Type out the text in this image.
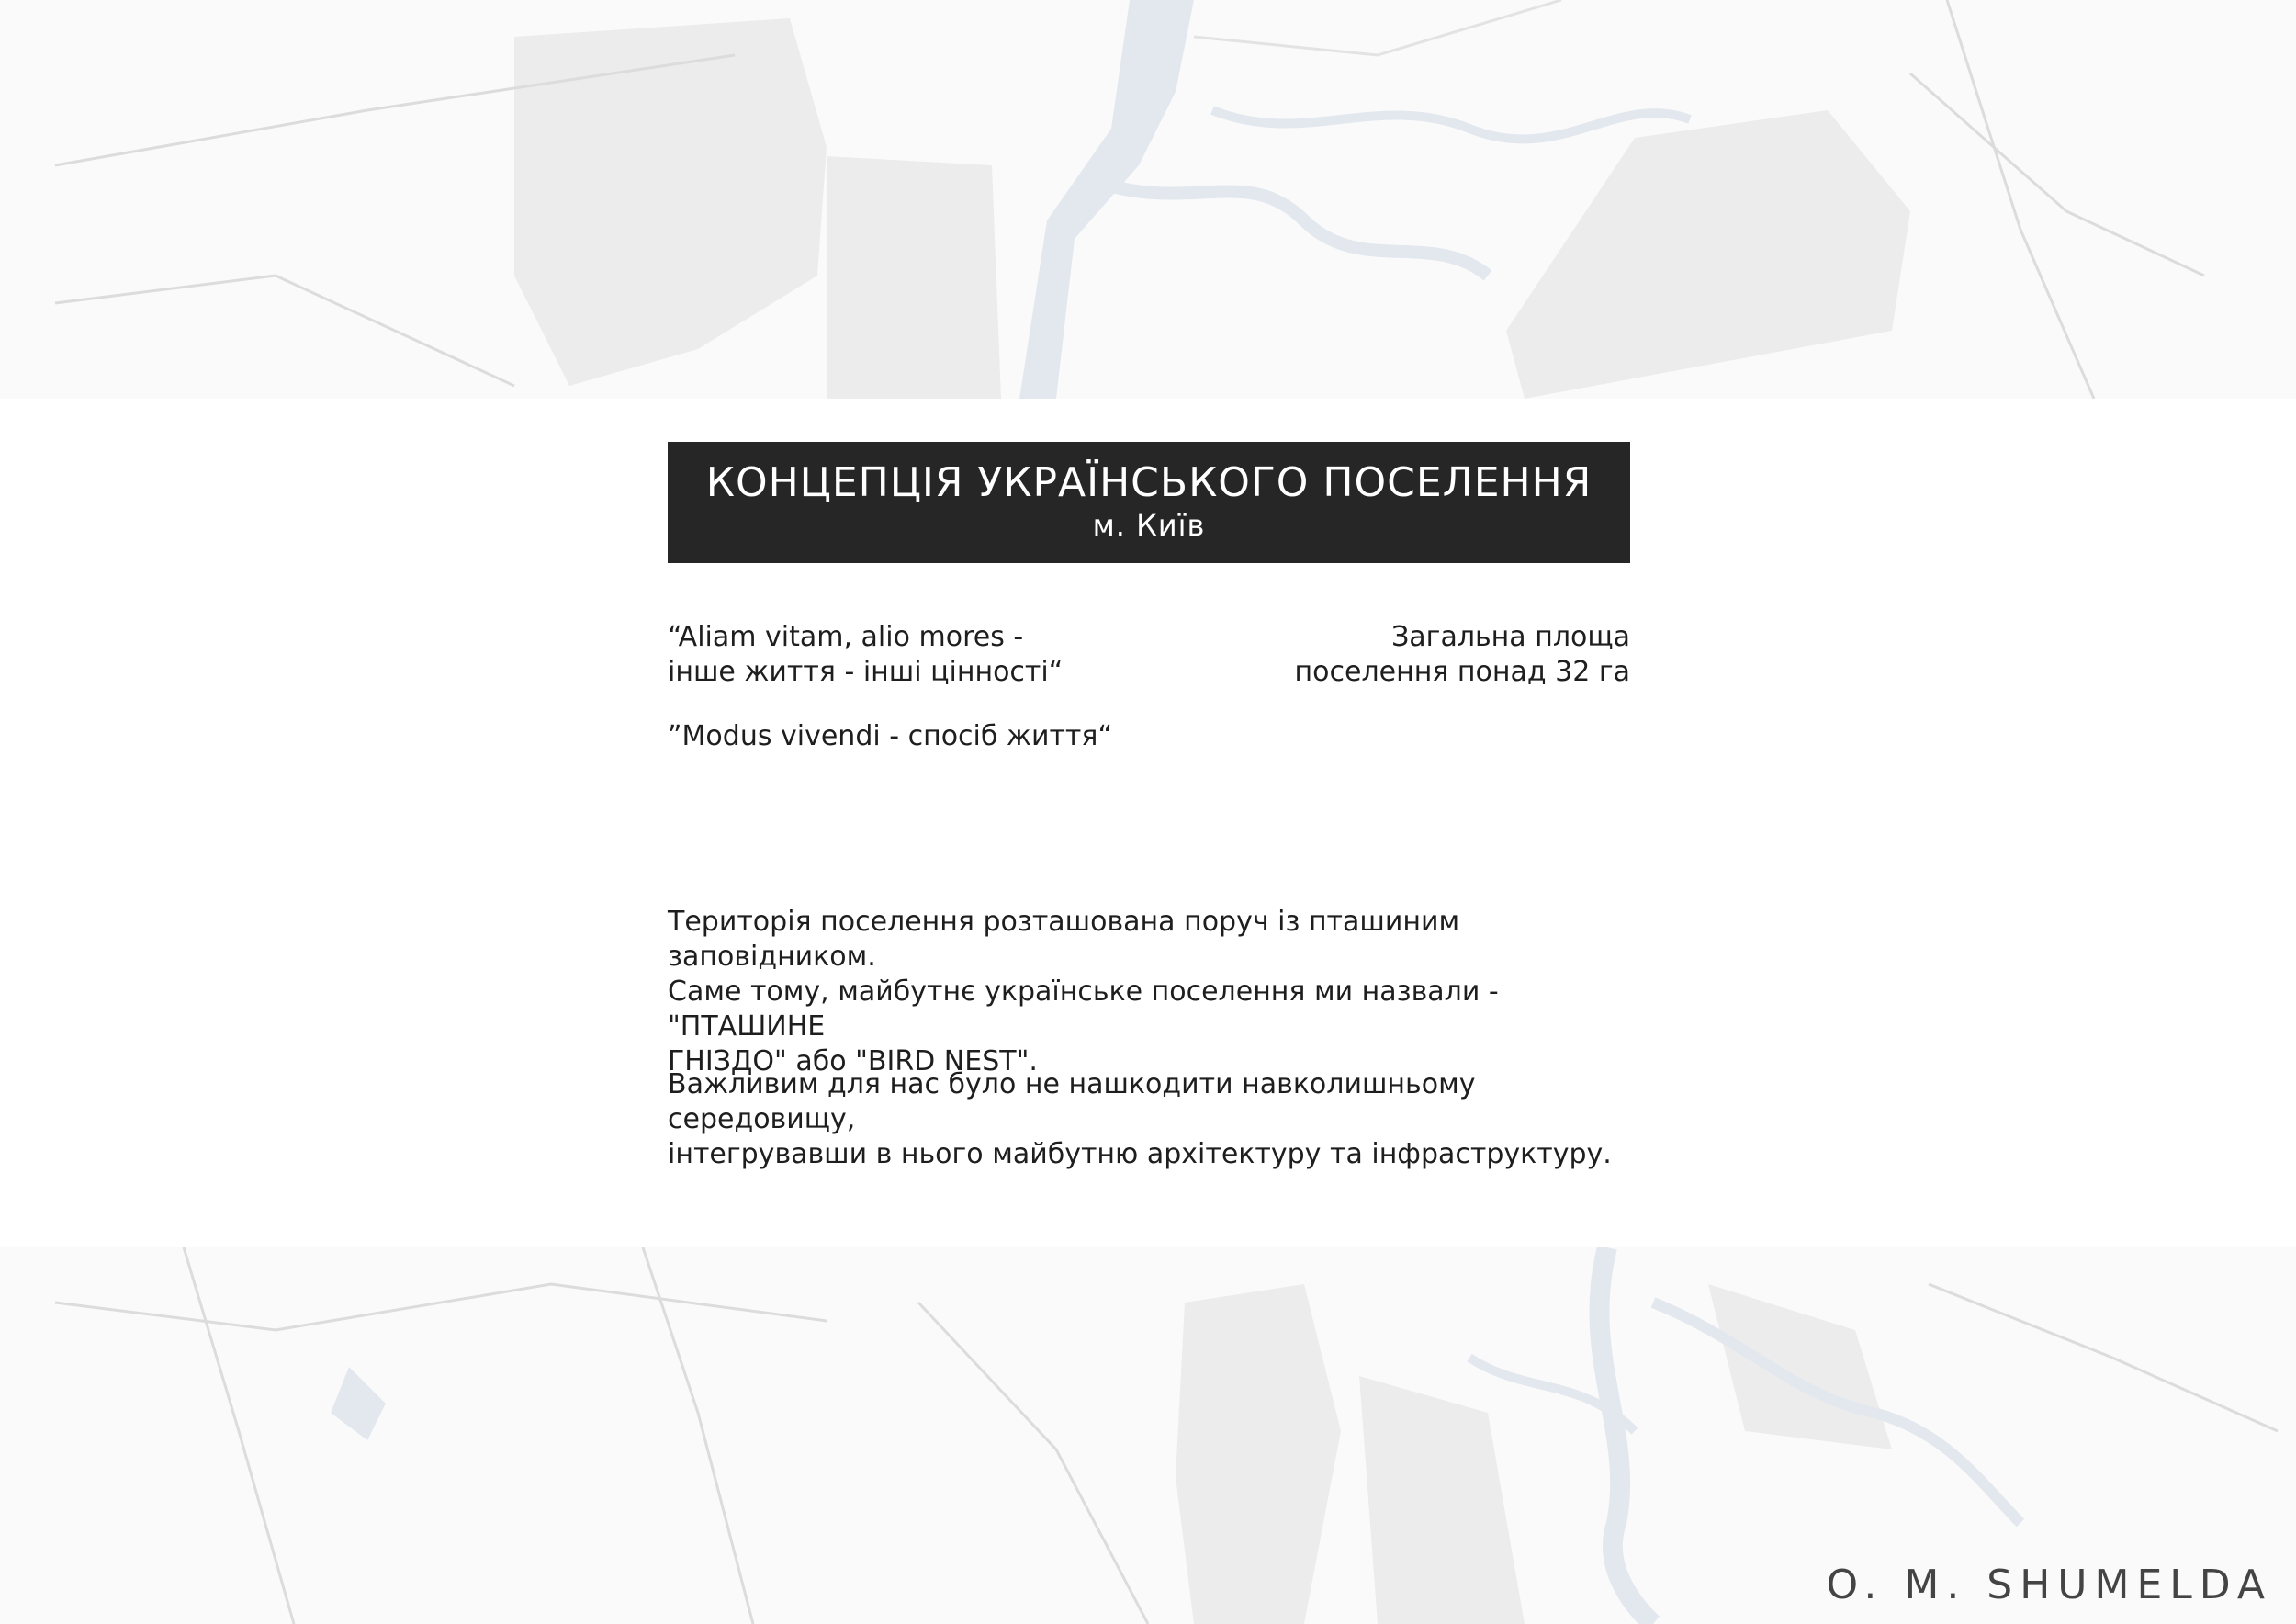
КОНЦЕПЦІЯ УКРАЇНСЬКОГО ПОСЕЛЕННЯ
м. Київ
“Aliam vitam, alio mores -
інше життя - інші цінності“
”Modus vivendi - спосіб життя“
Загальна площа
поселення понад 32 га
Територія поселення розташована поруч із пташиним заповідником.
Саме тому, майбутнє українське поселення ми назвали - "ПТАШИНЕ
ГНІЗДО" або "BIRD NEST".
Важливим для нас було не нашкодити навколишньому середовищу,
інтегрувавши в нього майбутню архітектуру та інфраструктуру.
O. M. SHUMELDA
